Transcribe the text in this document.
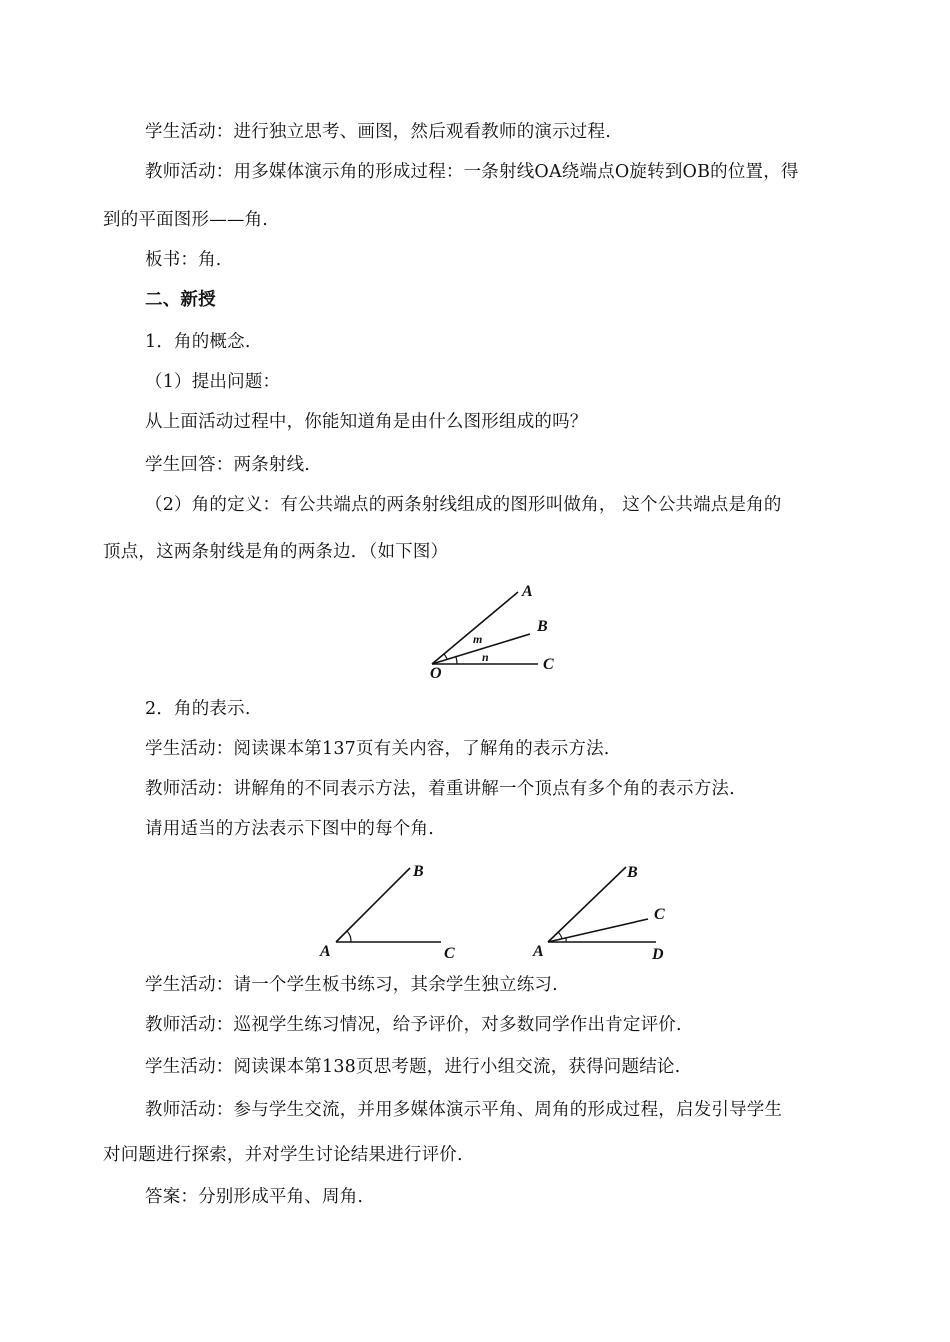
学生活动：进行独立思考、画图，然后观看教师的演示过程.
教师活动：用多媒体演示角的形成过程：一条射线OA绕端点O旋转到OB的位置，得
到的平面图形——角.
板书：角.
二、新授
1．角的概念.
（1）提出问题：
从上面活动过程中，你能知道角是由什么图形组成的吗？
学生回答：两条射线.
（2）角的定义：有公共端点的两条射线组成的图形叫做角， 这个公共端点是角的
顶点，这两条射线是角的两条边．（如下图）
A
B
C
O
m
n
2．角的表示.
学生活动：阅读课本第137页有关内容，了解角的表示方法.
教师活动：讲解角的不同表示方法，着重讲解一个顶点有多个角的表示方法.
请用适当的方法表示下图中的每个角.
B
A	C
B
C
A	D
学生活动：请一个学生板书练习，其余学生独立练习.
教师活动：巡视学生练习情况，给予评价，对多数同学作出肯定评价.
学生活动：阅读课本第138页思考题，进行小组交流，获得问题结论.
教师活动：参与学生交流，并用多媒体演示平角、周角的形成过程，启发引导学生
对问题进行探索，并对学生讨论结果进行评价.
答案：分别形成平角、周角.
